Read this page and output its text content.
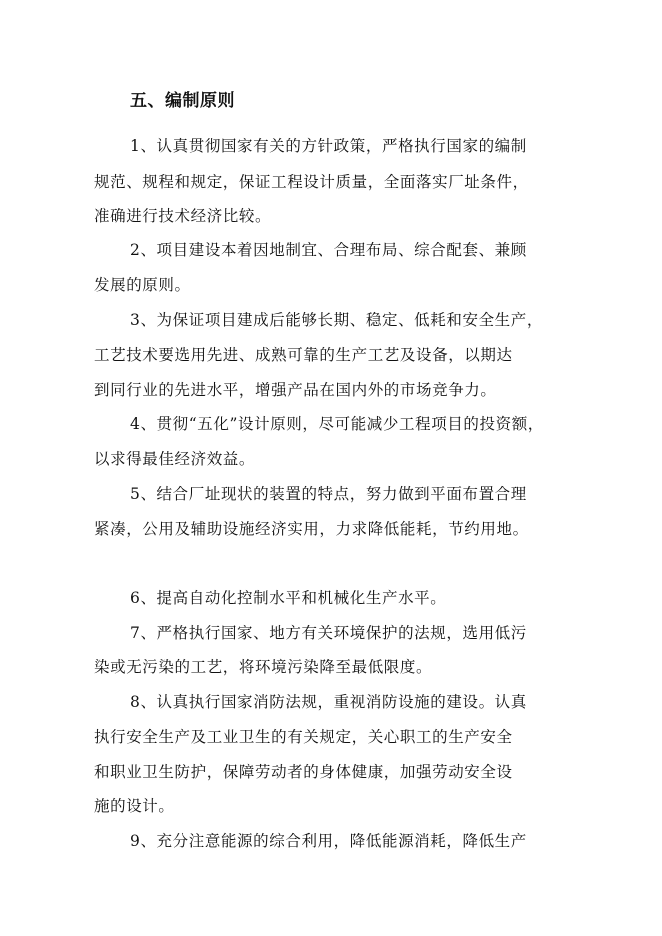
五、编制原则
1、认真贯彻国家有关的方针政策，严格执行国家的编制
规范、规程和规定，保证工程设计质量，全面落实厂址条件，
准确进行技术经济比较。
2、项目建设本着因地制宜、合理布局、综合配套、兼顾
发展的原则。
3、为保证项目建成后能够长期、稳定、低耗和安全生产，
工艺技术要选用先进、成熟可靠的生产工艺及设备，以期达
到同行业的先进水平，增强产品在国内外的市场竞争力。
4、贯彻“五化”设计原则，尽可能减少工程项目的投资额，
以求得最佳经济效益。
5、结合厂址现状的装置的特点，努力做到平面布置合理
紧凑，公用及辅助设施经济实用，力求降低能耗，节约用地。
6、提高自动化控制水平和机械化生产水平。
7、严格执行国家、地方有关环境保护的法规，选用低污
染或无污染的工艺，将环境污染降至最低限度。
8、认真执行国家消防法规，重视消防设施的建设。认真
执行安全生产及工业卫生的有关规定，关心职工的生产安全
和职业卫生防护，保障劳动者的身体健康，加强劳动安全设
施的设计。
9、充分注意能源的综合利用，降低能源消耗，降低生产
